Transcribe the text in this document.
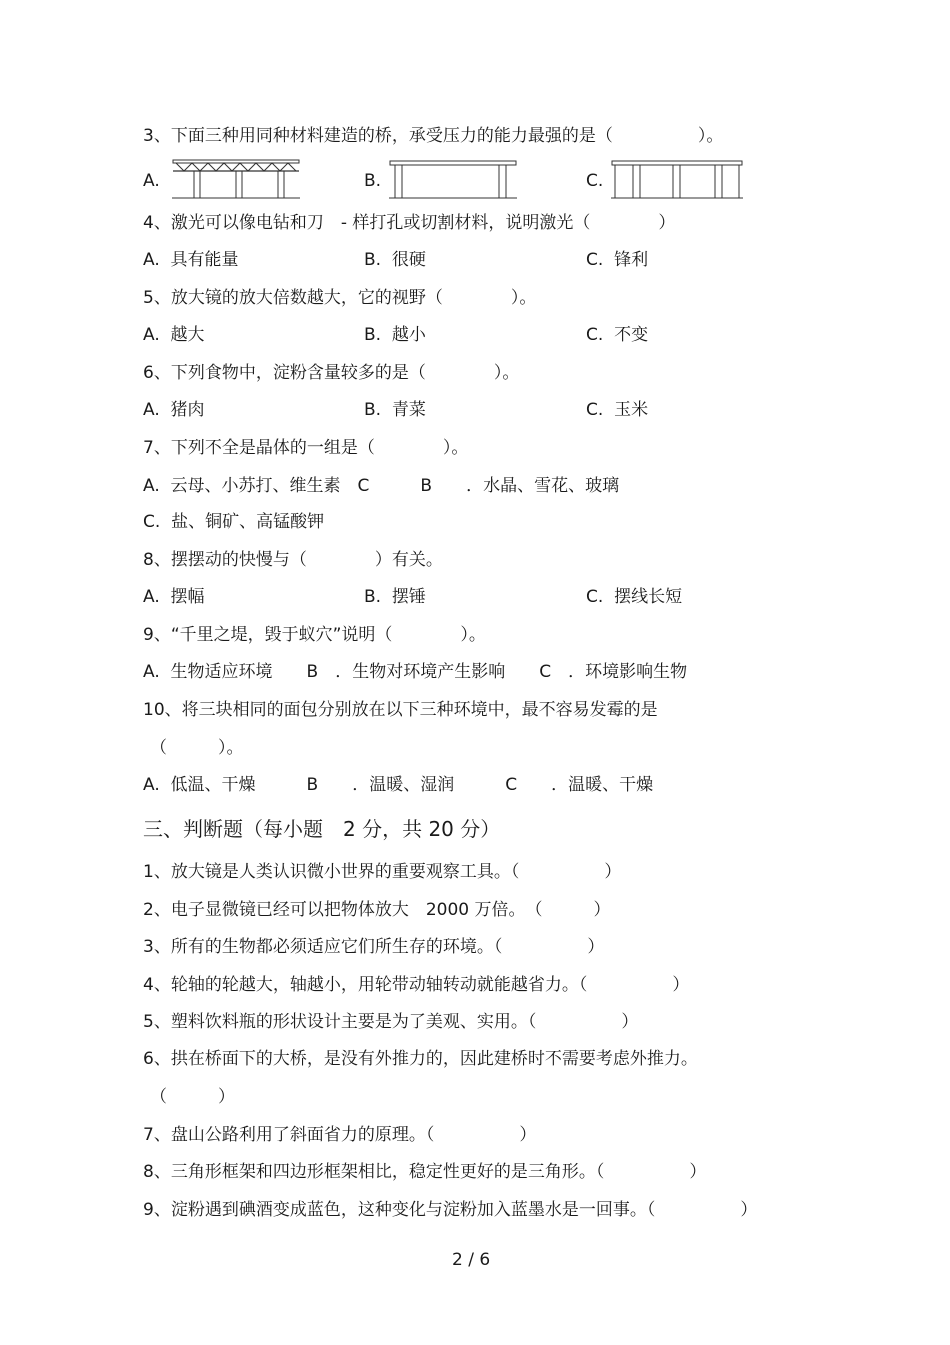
3、下面三种用同种材料建造的桥，承受压力的能力最强的是（　　　　　）。
A.	B.	C.
4、激光可以像电钻和刀　- 样打孔或切割材料，说明激光（　　　　）
A.  具有能量	B.  很硬	C.  锋利
5、放大镜的放大倍数越大，它的视野（　　　　）。
A.  越大	B.  越小	C.  不变
6、下列食物中，淀粉含量较多的是（　　　　）。
A.  猪肉	B.  青菜	C.  玉米
7、下列不全是晶体的一组是（　　　　）。
A.  云母、小苏打、维生素　C　　　B　　．水晶、雪花、玻璃
C.  盐、铜矿、高锰酸钾
8、摆摆动的快慢与（　　　　）有关。
A.  摆幅	B.  摆锤	C.  摆线长短
9、“千里之堤，毁于蚁穴”说明（　　　　）。
A.  生物适应环境　　B　．生物对环境产生影响　　C　．环境影响生物
10、将三块相同的面包分别放在以下三种环境中，最不容易发霉的是
（　　　）。
A.  低温、干燥　　　B　　．温暖、湿润　　　C　　．温暖、干燥
三、判断题（每小题　2 分，共 20 分）
1、放大镜是人类认识微小世界的重要观察工具。（　　　　　）
2、电子显微镜已经可以把物体放大　2000 万倍。　（　　　）
3、所有的生物都必须适应它们所生存的环境。（　　　　　）
4、轮轴的轮越大，轴越小，用轮带动轴转动就能越省力。（　　　　　）
5、塑料饮料瓶的形状设计主要是为了美观、实用。（　　　　　）
6、拱在桥面下的大桥，是没有外推力的，因此建桥时不需要考虑外推力。
（　　　）
7、盘山公路利用了斜面省力的原理。（　　　　　）
8、三角形框架和四边形框架相比，稳定性更好的是三角形。（　　　　　）
9、淀粉遇到碘酒变成蓝色，这种变化与淀粉加入蓝墨水是一回事。（　　　　　）
2 / 6
